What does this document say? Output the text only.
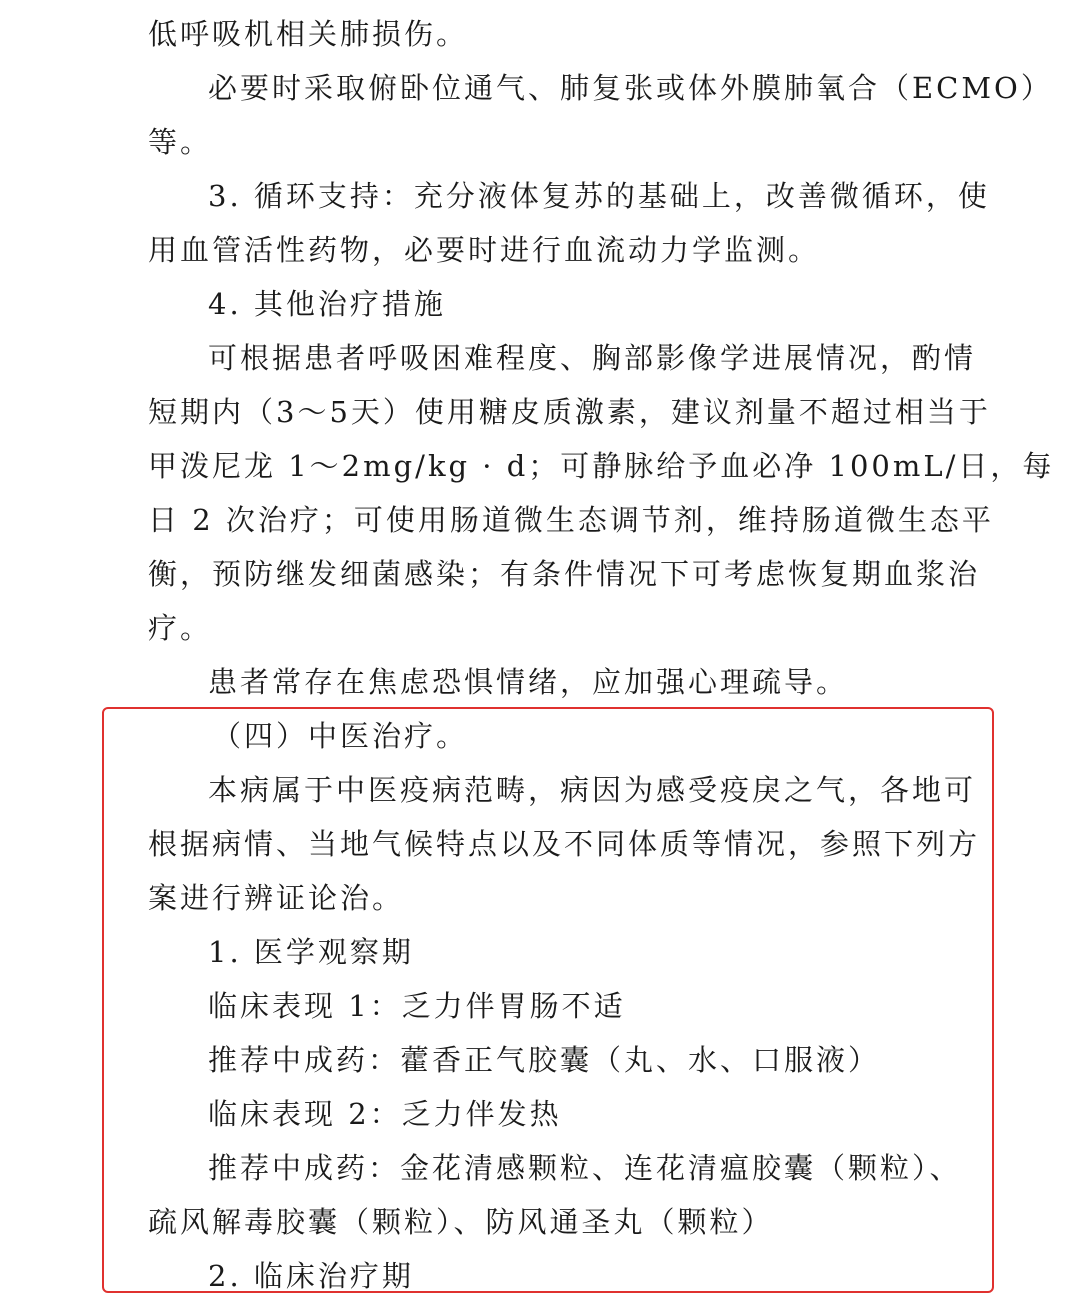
低呼吸机相关肺损伤。
必要时采取俯卧位通气、肺复张或体外膜肺氧合（ECMO）
等。
3. 循环支持：充分液体复苏的基础上，改善微循环，使
用血管活性药物，必要时进行血流动力学监测。
4. 其他治疗措施
可根据患者呼吸困难程度、胸部影像学进展情况，酌情
短期内（3～5天）使用糖皮质激素，建议剂量不超过相当于
甲泼尼龙 1～2mg/kg · d；可静脉给予血必净 100mL/日，每
日 2 次治疗；可使用肠道微生态调节剂，维持肠道微生态平
衡，预防继发细菌感染；有条件情况下可考虑恢复期血浆治
疗。
患者常存在焦虑恐惧情绪，应加强心理疏导。
（四）中医治疗。
本病属于中医疫病范畴，病因为感受疫戾之气，各地可
根据病情、当地气候特点以及不同体质等情况，参照下列方
案进行辨证论治。
1. 医学观察期
临床表现 1：乏力伴胃肠不适
推荐中成药：藿香正气胶囊（丸、水、口服液）
临床表现 2：乏力伴发热
推荐中成药：金花清感颗粒、连花清瘟胶囊（颗粒）、
疏风解毒胶囊（颗粒）、防风通圣丸（颗粒）
2. 临床治疗期
